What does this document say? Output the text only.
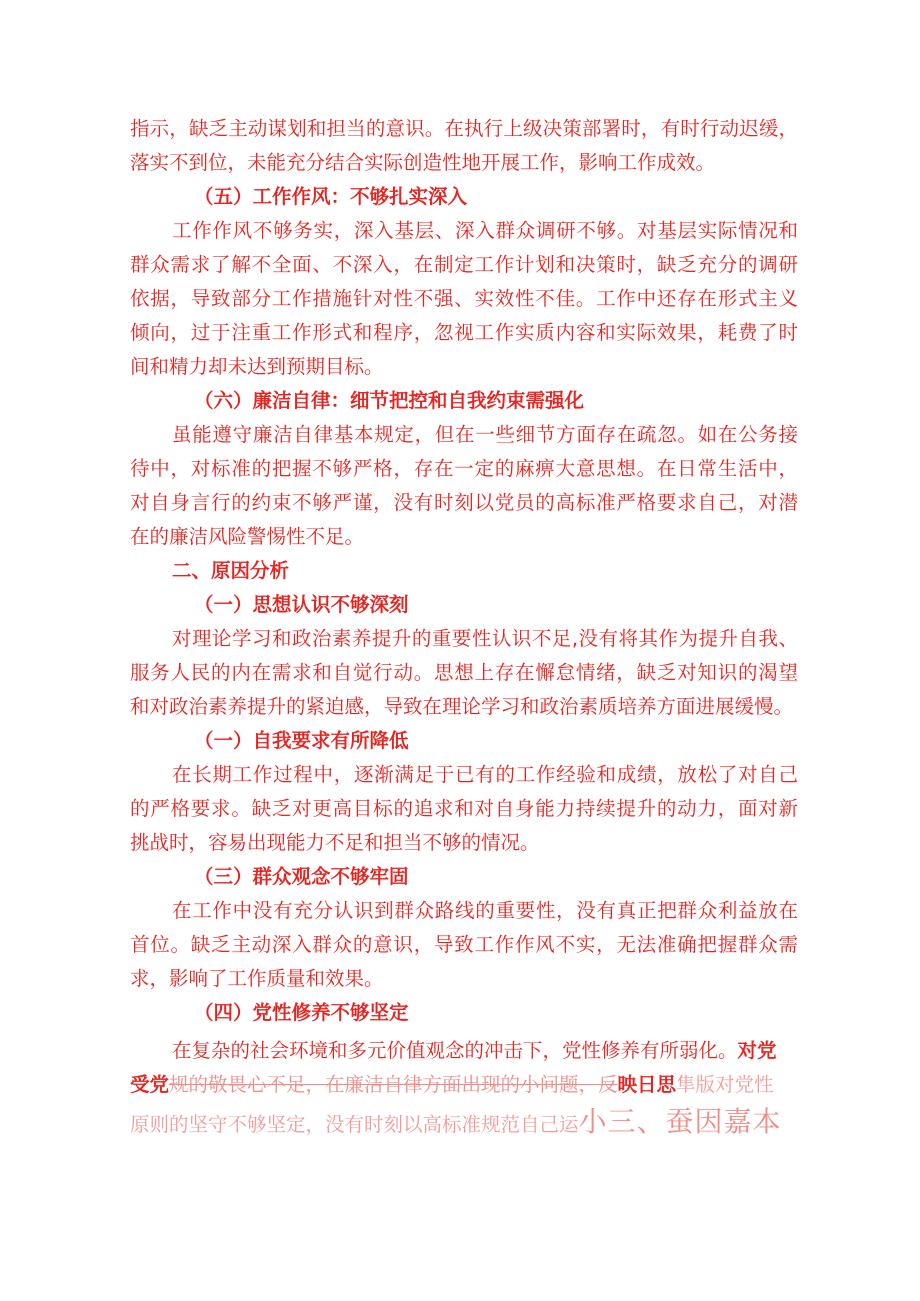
指示，缺乏主动谋划和担当的意识。在执行上级决策部署时，有时行动迟缓，
落实不到位，未能充分结合实际创造性地开展工作，影响工作成效。
（五）工作作风：不够扎实深入
工作作风不够务实，深入基层、深入群众调研不够。对基层实际情况和
群众需求了解不全面、不深入，在制定工作计划和决策时，缺乏充分的调研
依据，导致部分工作措施针对性不强、实效性不佳。工作中还存在形式主义
倾向，过于注重工作形式和程序，忽视工作实质内容和实际效果，耗费了时
间和精力却未达到预期目标。
（六）廉洁自律：细节把控和自我约束需强化
虽能遵守廉洁自律基本规定，但在一些细节方面存在疏忽。如在公务接
待中，对标准的把握不够严格，存在一定的麻痹大意思想。在日常生活中，
对自身言行的约束不够严谨，没有时刻以党员的高标准严格要求自己，对潜
在的廉洁风险警惕性不足。
二、原因分析
（一）思想认识不够深刻
对理论学习和政治素养提升的重要性认识不足,没有将其作为提升自我、
服务人民的内在需求和自觉行动。思想上存在懈怠情绪，缺乏对知识的渴望
和对政治素养提升的紧迫感，导致在理论学习和政治素质培养方面进展缓慢。
（一）自我要求有所降低
在长期工作过程中，逐渐满足于已有的工作经验和成绩，放松了对自己
的严格要求。缺乏对更高目标的追求和对自身能力持续提升的动力，面对新
挑战时，容易出现能力不足和担当不够的情况。
（三）群众观念不够牢固
在工作中没有充分认识到群众路线的重要性，没有真正把群众利益放在
首位。缺乏主动深入群众的意识，导致工作作风不实，无法准确把握群众需
求，影响了工作质量和效果。
（四）党性修养不够坚定
在复杂的社会环境和多元价值观念的冲击下，党性修养有所弱化。对党
受党规的敬畏心不足，在廉洁自律方面出现的小问题，反映日思隼版对党性
原则的坚守不够坚定，没有时刻以高标准规范自己运小三、蚕因嘉本
